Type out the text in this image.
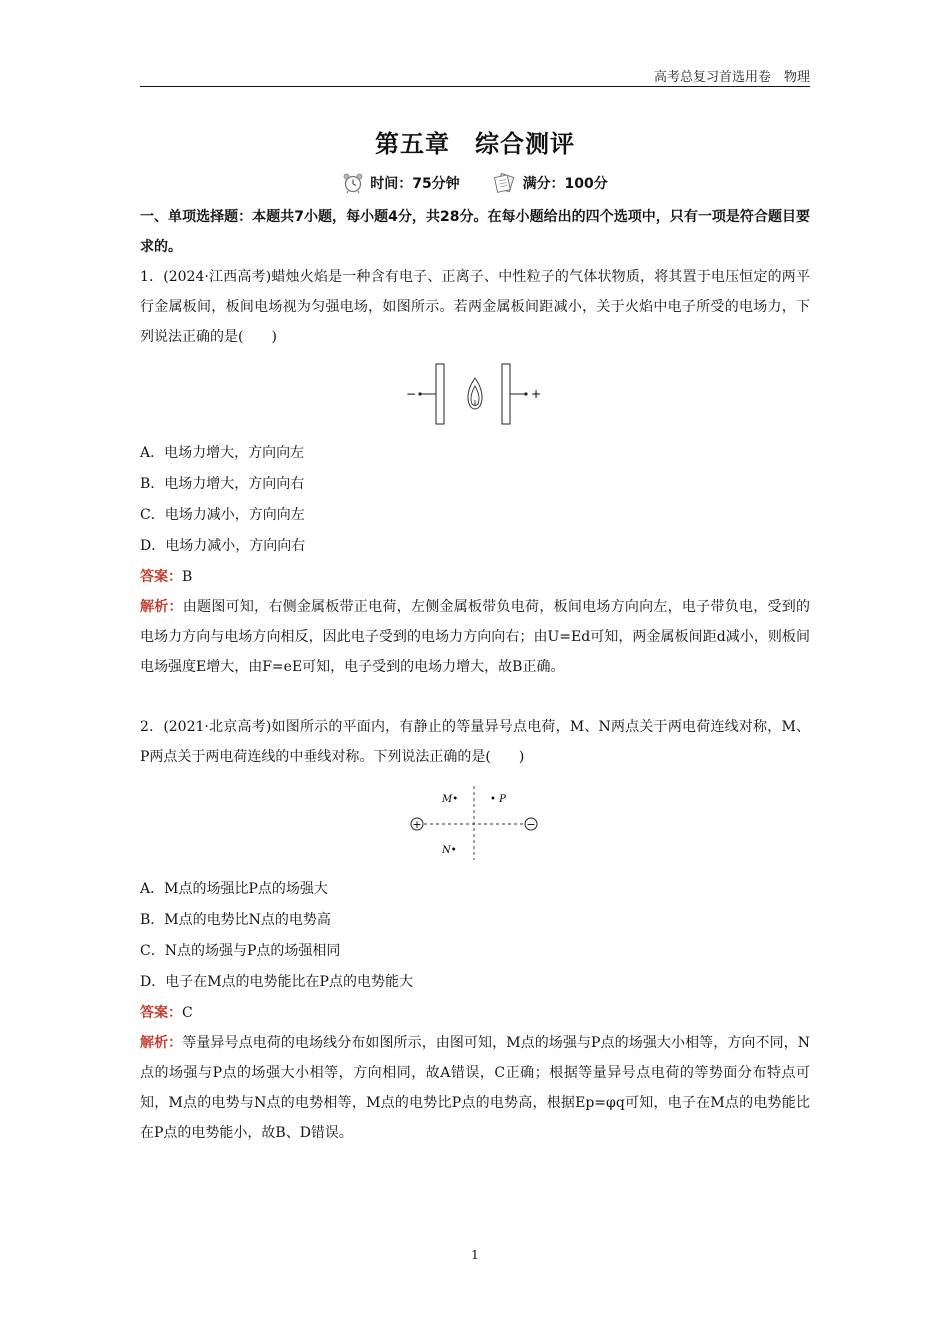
高考总复习首选用卷　物理
第五章　综合测评
时间：75分钟
	满分：100分
一、单项选择题：本题共7小题，每小题4分，共28分。在每小题给出的四个选项中，只有一项是符合题目要求的。
1．(2024·江西高考)蜡烛火焰是一种含有电子、正离子、中性粒子的气体状物质，将其置于电压恒定的两平行金属板间，板间电场视为匀强电场，如图所示。若两金属板间距减小，关于火焰中电子所受的电场力，下列说法正确的是(　　)
−	+
A．电场力增大，方向向左
B．电场力增大，方向向右
C．电场力减小，方向向左
D．电场力减小，方向向右
答案：B
解析：由题图可知，右侧金属板带正电荷，左侧金属板带负电荷，板间电场方向向左，电子带负电，受到的电场力方向与电场方向相反，因此电子受到的电场力方向向右；由U=Ed可知，两金属板间距d减小，则板间电场强度E增大，由F=eE可知，电子受到的电场力增大，故B正确。
2．(2021·北京高考)如图所示的平面内，有静止的等量异号点电荷，M、N两点关于两电荷连线对称，M、P两点关于两电荷连线的中垂线对称。下列说法正确的是(　　)
+	−
M•	• P
N•
A．M点的场强比P点的场强大
B．M点的电势比N点的电势高
C．N点的场强与P点的场强相同
D．电子在M点的电势能比在P点的电势能大
答案：C
解析：等量异号点电荷的电场线分布如图所示，由图可知，M点的场强与P点的场强大小相等，方向不同，N点的场强与P点的场强大小相等，方向相同，故A错误，C正确；根据等量异号点电荷的等势面分布特点可知，M点的电势与N点的电势相等，M点的电势比P点的电势高，根据Ep=φq可知，电子在M点的电势能比在P点的电势能小，故B、D错误。
1
